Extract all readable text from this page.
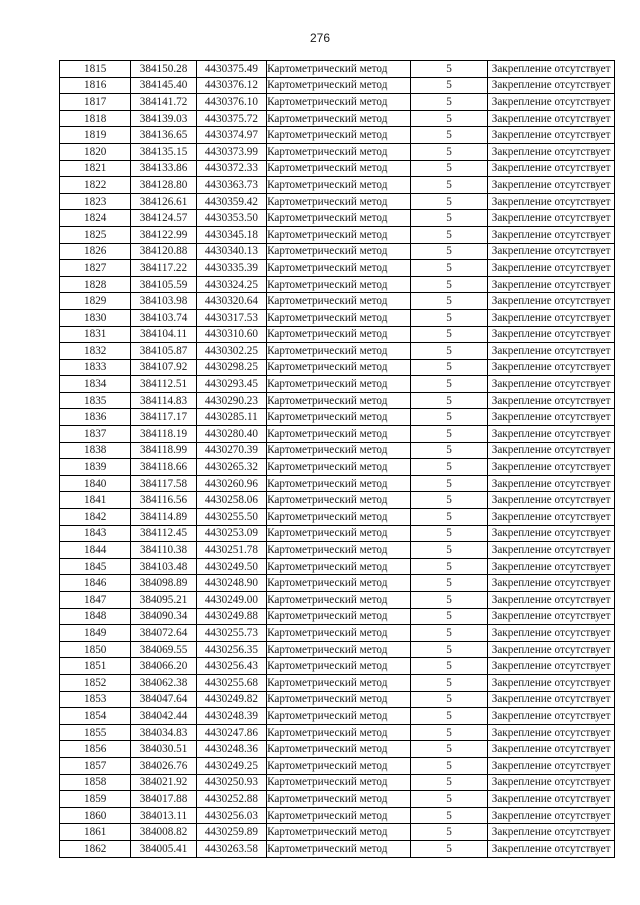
276
1815	384150.28	4430375.49	Картометрический метод	5	Закрепление отсутствует
1816	384145.40	4430376.12	Картометрический метод	5	Закрепление отсутствует
1817	384141.72	4430376.10	Картометрический метод	5	Закрепление отсутствует
1818	384139.03	4430375.72	Картометрический метод	5	Закрепление отсутствует
1819	384136.65	4430374.97	Картометрический метод	5	Закрепление отсутствует
1820	384135.15	4430373.99	Картометрический метод	5	Закрепление отсутствует
1821	384133.86	4430372.33	Картометрический метод	5	Закрепление отсутствует
1822	384128.80	4430363.73	Картометрический метод	5	Закрепление отсутствует
1823	384126.61	4430359.42	Картометрический метод	5	Закрепление отсутствует
1824	384124.57	4430353.50	Картометрический метод	5	Закрепление отсутствует
1825	384122.99	4430345.18	Картометрический метод	5	Закрепление отсутствует
1826	384120.88	4430340.13	Картометрический метод	5	Закрепление отсутствует
1827	384117.22	4430335.39	Картометрический метод	5	Закрепление отсутствует
1828	384105.59	4430324.25	Картометрический метод	5	Закрепление отсутствует
1829	384103.98	4430320.64	Картометрический метод	5	Закрепление отсутствует
1830	384103.74	4430317.53	Картометрический метод	5	Закрепление отсутствует
1831	384104.11	4430310.60	Картометрический метод	5	Закрепление отсутствует
1832	384105.87	4430302.25	Картометрический метод	5	Закрепление отсутствует
1833	384107.92	4430298.25	Картометрический метод	5	Закрепление отсутствует
1834	384112.51	4430293.45	Картометрический метод	5	Закрепление отсутствует
1835	384114.83	4430290.23	Картометрический метод	5	Закрепление отсутствует
1836	384117.17	4430285.11	Картометрический метод	5	Закрепление отсутствует
1837	384118.19	4430280.40	Картометрический метод	5	Закрепление отсутствует
1838	384118.99	4430270.39	Картометрический метод	5	Закрепление отсутствует
1839	384118.66	4430265.32	Картометрический метод	5	Закрепление отсутствует
1840	384117.58	4430260.96	Картометрический метод	5	Закрепление отсутствует
1841	384116.56	4430258.06	Картометрический метод	5	Закрепление отсутствует
1842	384114.89	4430255.50	Картометрический метод	5	Закрепление отсутствует
1843	384112.45	4430253.09	Картометрический метод	5	Закрепление отсутствует
1844	384110.38	4430251.78	Картометрический метод	5	Закрепление отсутствует
1845	384103.48	4430249.50	Картометрический метод	5	Закрепление отсутствует
1846	384098.89	4430248.90	Картометрический метод	5	Закрепление отсутствует
1847	384095.21	4430249.00	Картометрический метод	5	Закрепление отсутствует
1848	384090.34	4430249.88	Картометрический метод	5	Закрепление отсутствует
1849	384072.64	4430255.73	Картометрический метод	5	Закрепление отсутствует
1850	384069.55	4430256.35	Картометрический метод	5	Закрепление отсутствует
1851	384066.20	4430256.43	Картометрический метод	5	Закрепление отсутствует
1852	384062.38	4430255.68	Картометрический метод	5	Закрепление отсутствует
1853	384047.64	4430249.82	Картометрический метод	5	Закрепление отсутствует
1854	384042.44	4430248.39	Картометрический метод	5	Закрепление отсутствует
1855	384034.83	4430247.86	Картометрический метод	5	Закрепление отсутствует
1856	384030.51	4430248.36	Картометрический метод	5	Закрепление отсутствует
1857	384026.76	4430249.25	Картометрический метод	5	Закрепление отсутствует
1858	384021.92	4430250.93	Картометрический метод	5	Закрепление отсутствует
1859	384017.88	4430252.88	Картометрический метод	5	Закрепление отсутствует
1860	384013.11	4430256.03	Картометрический метод	5	Закрепление отсутствует
1861	384008.82	4430259.89	Картометрический метод	5	Закрепление отсутствует
1862	384005.41	4430263.58	Картометрический метод	5	Закрепление отсутствует
